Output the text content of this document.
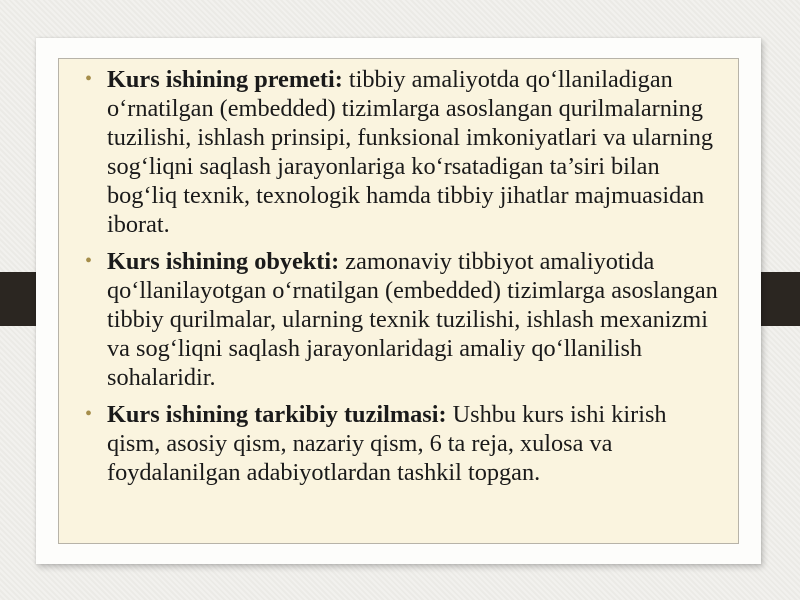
• Kurs ishining premeti: tibbiy amaliyotda qo‘llaniladigan o‘rnatilgan (embedded) tizimlarga asoslangan qurilmalarning tuzilishi, ishlash prinsipi, funksional imkoniyatlari va ularning sog‘liqni saqlash jarayonlariga ko‘rsatadigan ta’siri bilan bog‘liq texnik, texnologik hamda tibbiy jihatlar majmuasidan iborat.
• Kurs ishining obyekti: zamonaviy tibbiyot amaliyotida qo‘llanilayotgan o‘rnatilgan (embedded) tizimlarga asoslangan tibbiy qurilmalar, ularning texnik tuzilishi, ishlash mexanizmi va sog‘liqni saqlash jarayonlaridagi amaliy qo‘llanilish sohalaridir.
• Kurs ishining tarkibiy tuzilmasi: Ushbu kurs ishi kirish qism, asosiy qism, nazariy qism, 6 ta reja, xulosa va foydalanilgan adabiyotlardan tashkil topgan.
